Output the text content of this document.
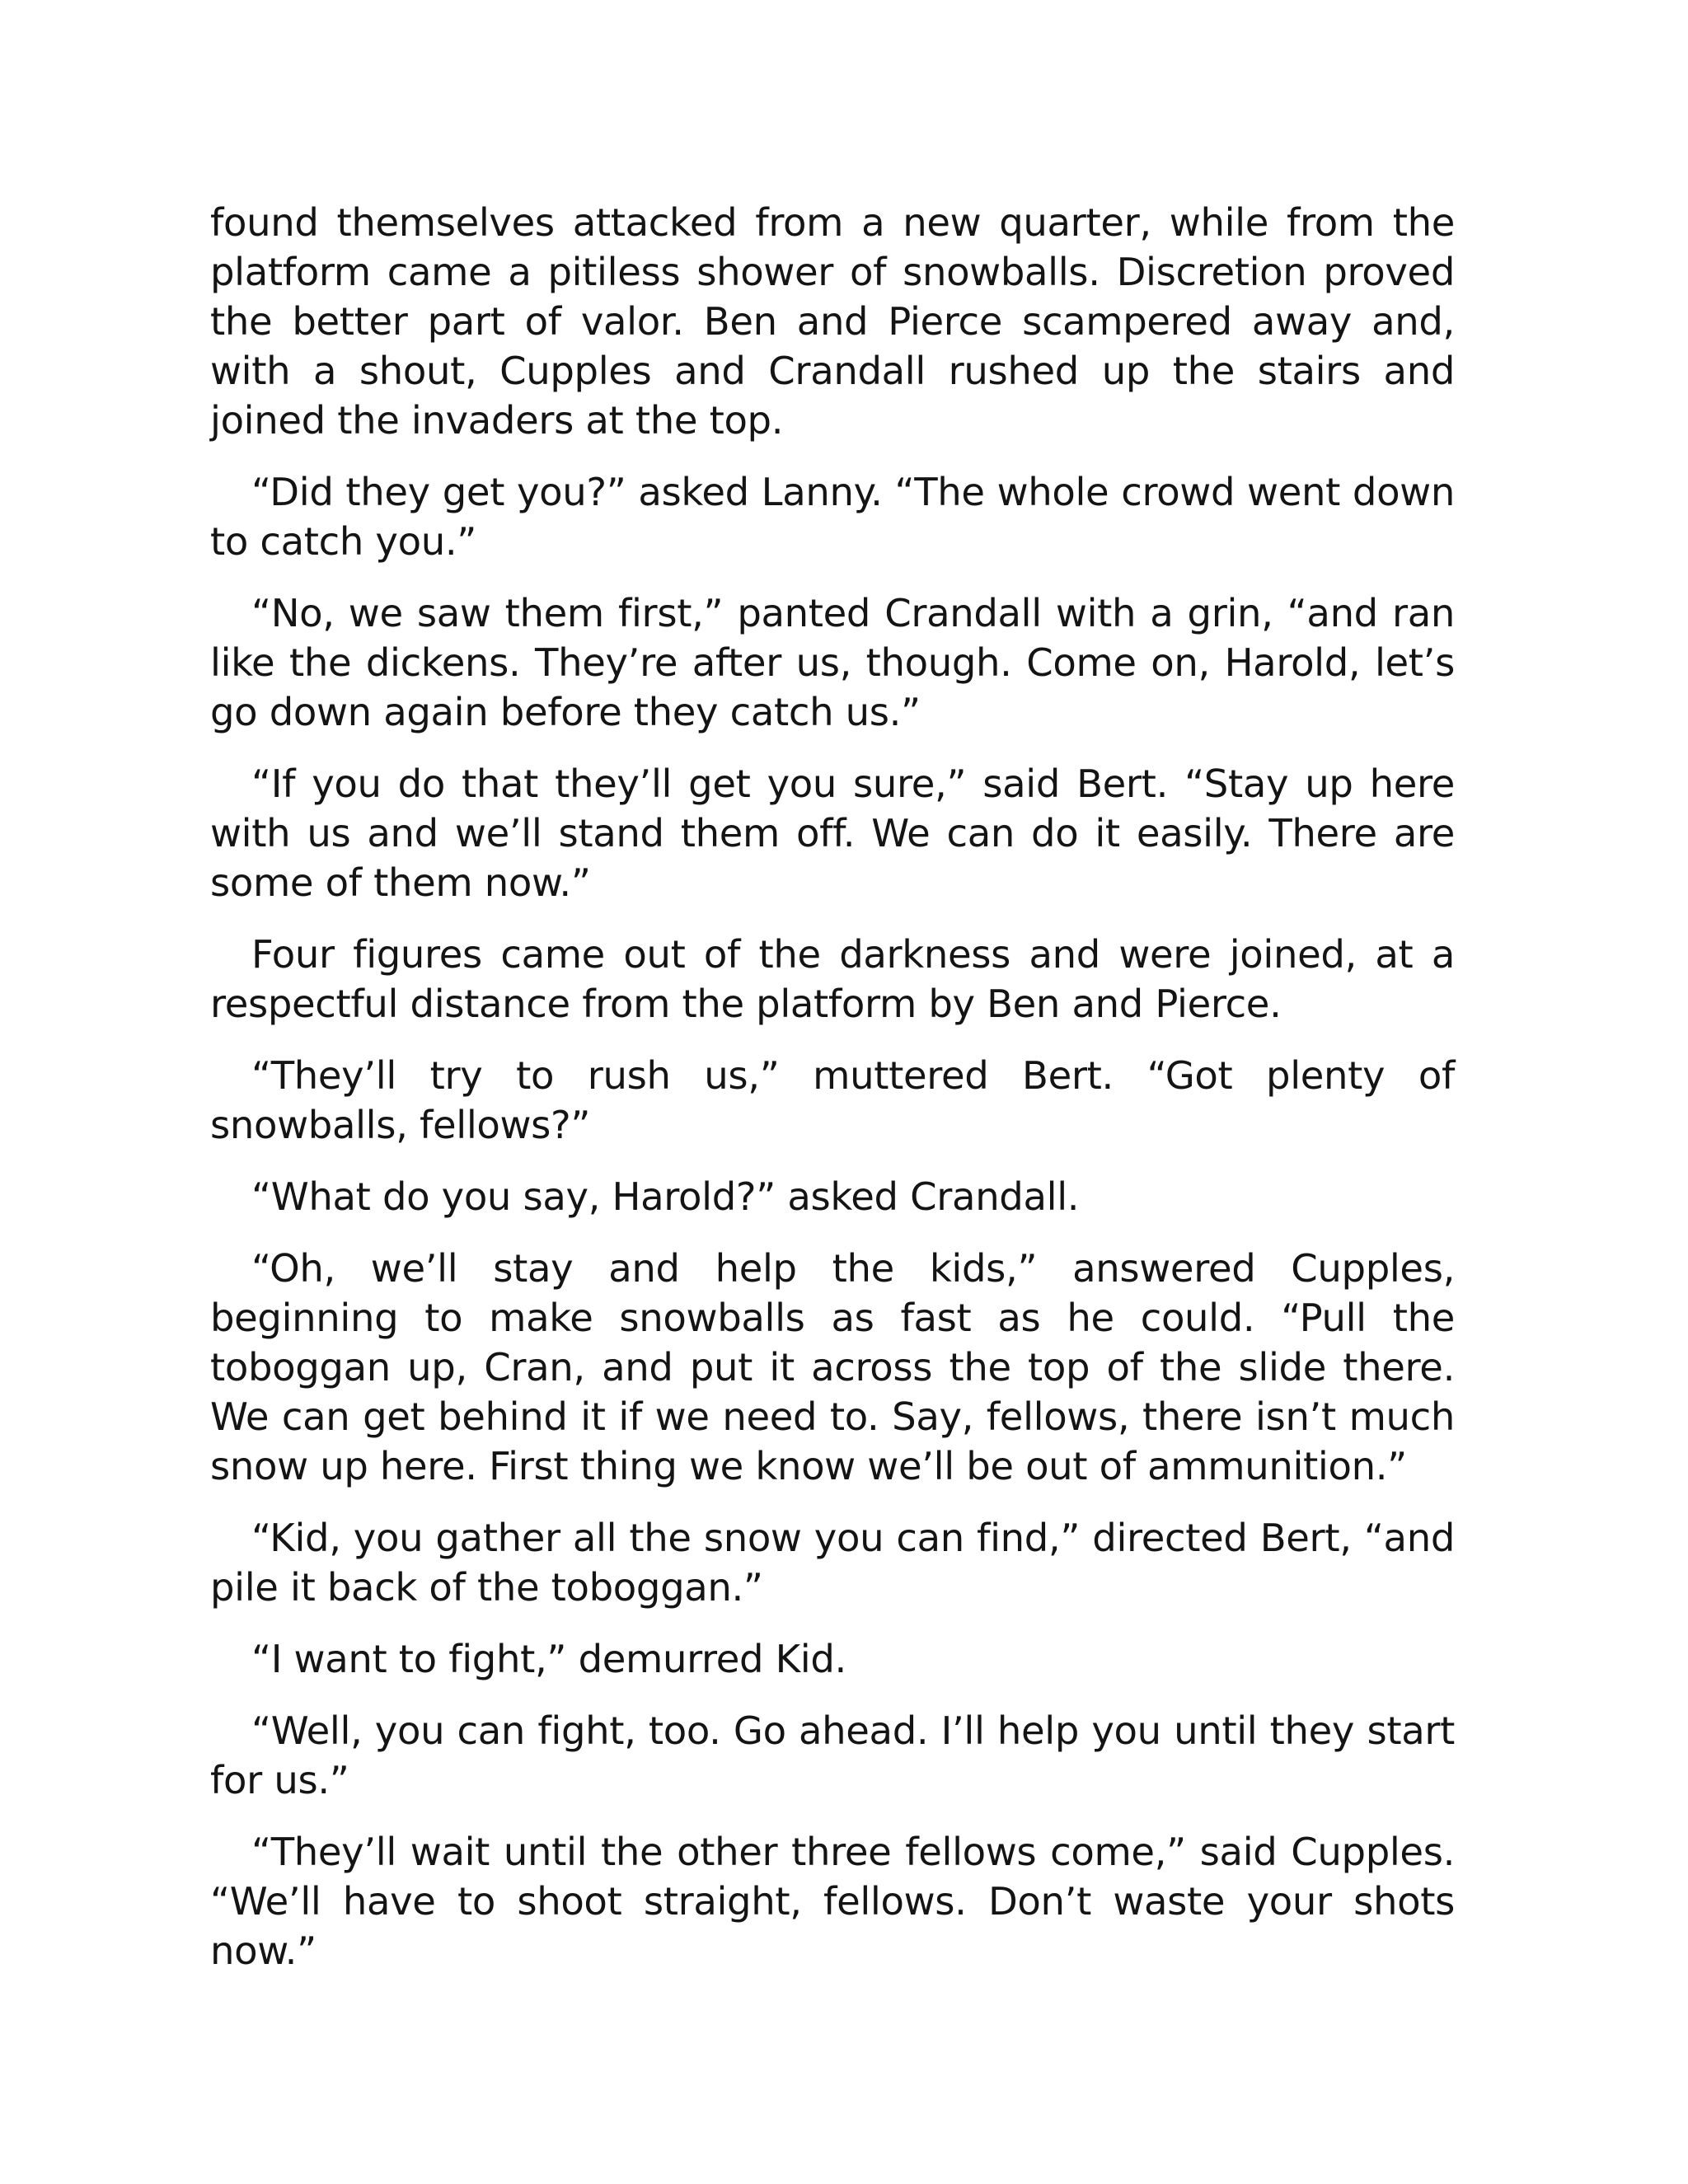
found themselves attacked from a new quarter, while from the platform came a pitiless shower of snowballs. Discretion proved the better part of valor. Ben and Pierce scampered away and, with a shout, Cupples and Crandall rushed up the stairs and joined the invaders at the top.

“Did they get you?” asked Lanny. “The whole crowd went down to catch you.”

“No, we saw them first,” panted Crandall with a grin, “and ran like the dickens. They’re after us, though. Come on, Harold, let’s go down again before they catch us.”

“If you do that they’ll get you sure,” said Bert. “Stay up here with us and we’ll stand them off. We can do it easily. There are some of them now.”

Four figures came out of the darkness and were joined, at a respectful distance from the platform by Ben and Pierce.

“They’ll try to rush us,” muttered Bert. “Got plenty of snowballs, fellows?”

“What do you say, Harold?” asked Crandall.

“Oh, we’ll stay and help the kids,” answered Cupples, beginning to make snowballs as fast as he could. “Pull the toboggan up, Cran, and put it across the top of the slide there. We can get behind it if we need to. Say, fellows, there isn’t much snow up here. First thing we know we’ll be out of ammunition.”

“Kid, you gather all the snow you can find,” directed Bert, “and pile it back of the toboggan.”

“I want to fight,” demurred Kid.

“Well, you can fight, too. Go ahead. I’ll help you until they start for us.”

“They’ll wait until the other three fellows come,” said Cupples. “We’ll have to shoot straight, fellows. Don’t waste your shots now.”
